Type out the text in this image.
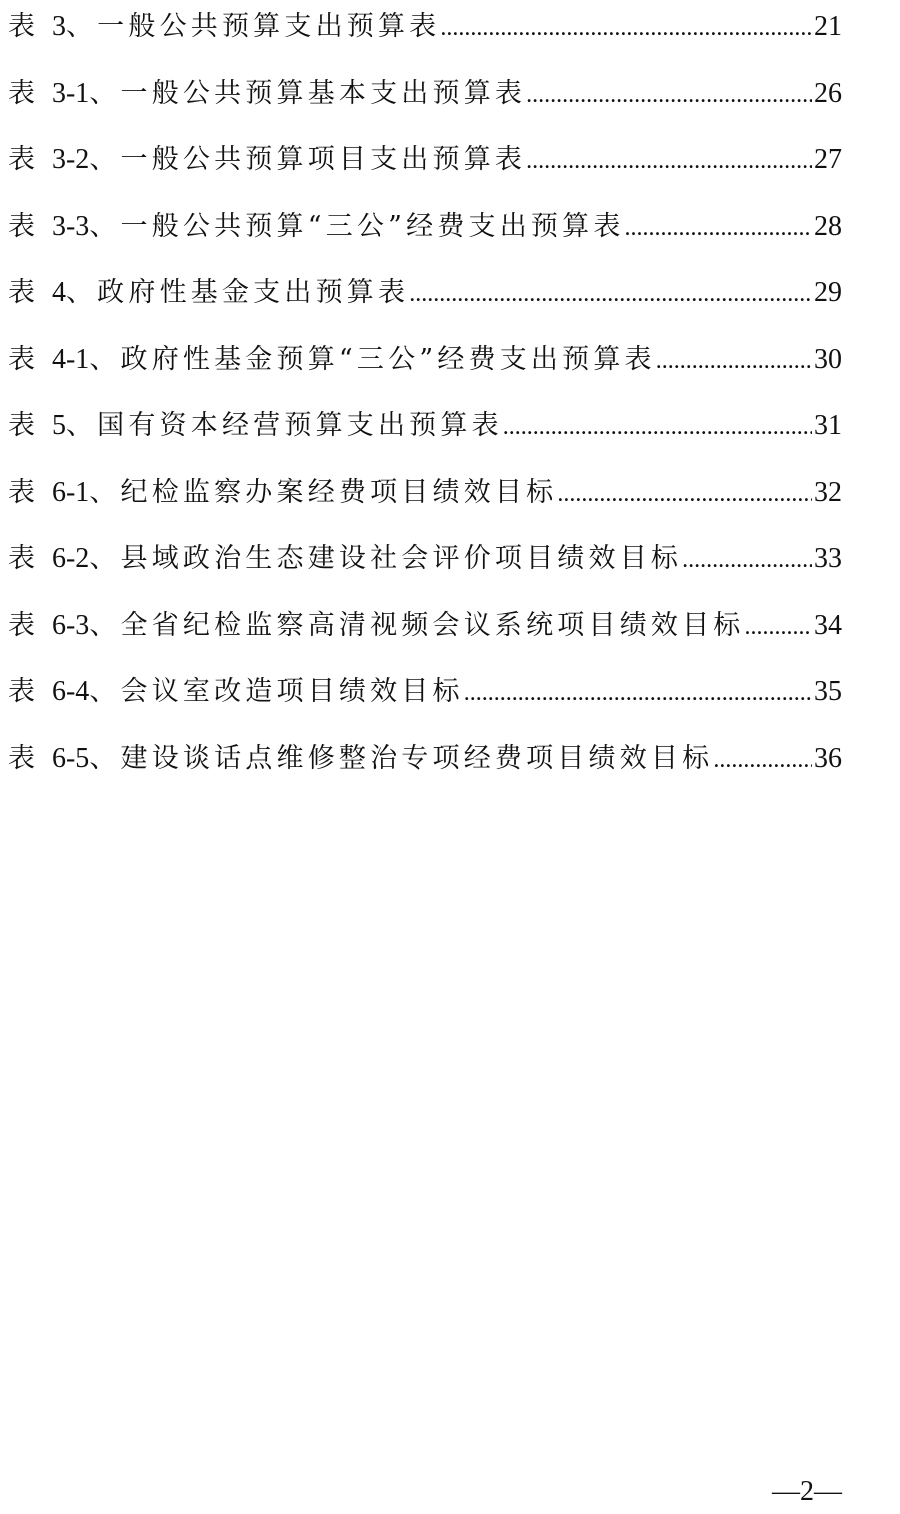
表 3、一般公共预算支出预算表 .....	21
表 3-1、一般公共预算基本支出预算表 .....	26
表 3-2、一般公共预算项目支出预算表 .....	27
表 3-3、一般公共预算“三公”经费支出预算表 .....	28
表 4、政府性基金支出预算表 .....	29
表 4-1、政府性基金预算“三公”经费支出预算表 .....	30
表 5、国有资本经营预算支出预算表 .....	31
表 6-1、纪检监察办案经费项目绩效目标 .....	32
表 6-2、县域政治生态建设社会评价项目绩效目标 .....	33
表 6-3、全省纪检监察高清视频会议系统项目绩效目标 ..... 34
表 6-4、会议室改造项目绩效目标 .....	35
表 6-5、建设谈话点维修整治专项经费项目绩效目标 .....	36
—2—
